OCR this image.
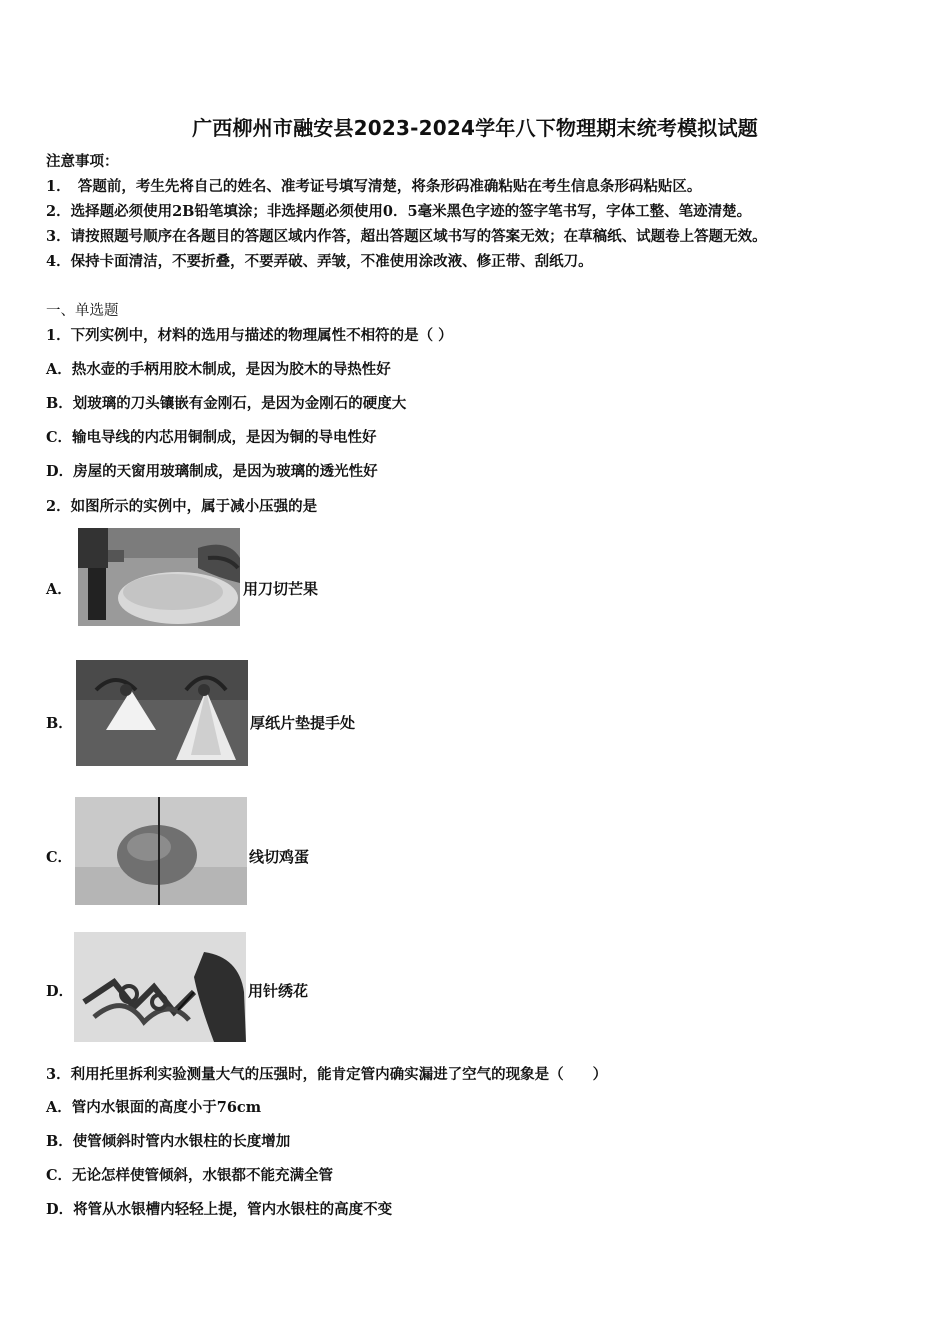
广西柳州市融安县2023-2024学年八下物理期末统考模拟试题
注意事项：
1．　答题前，考生先将自己的姓名、准考证号填写清楚，将条形码准确粘贴在考生信息条形码粘贴区。
2．选择题必须使用2B铅笔填涂；非选择题必须使用0．5毫米黑色字迹的签字笔书写，字体工整、笔迹清楚。
3．请按照题号顺序在各题目的答题区域内作答，超出答题区域书写的答案无效；在草稿纸、试题卷上答题无效。
4．保持卡面清洁，不要折叠，不要弄破、弄皱，不准使用涂改液、修正带、刮纸刀。
一、单选题
1．下列实例中，材料的选用与描述的物理属性不相符的是（ ）
A．热水壶的手柄用胶木制成，是因为胶木的导热性好
B．划玻璃的刀头镶嵌有金刚石，是因为金刚石的硬度大
C．输电导线的内芯用铜制成，是因为铜的导电性好
D．房屋的天窗用玻璃制成，是因为玻璃的透光性好
2．如图所示的实例中，属于减小压强的是
A．	用刀切芒果
B．	厚纸片垫提手处
C．	线切鸡蛋
D．	用针绣花
3．利用托里拆利实验测量大气的压强时，能肯定管内确实漏进了空气的现象是（　　）
A．管内水银面的高度小于76cm
B．使管倾斜时管内水银柱的长度增加
C．无论怎样使管倾斜，水银都不能充满全管
D．将管从水银槽内轻轻上提，管内水银柱的高度不变
